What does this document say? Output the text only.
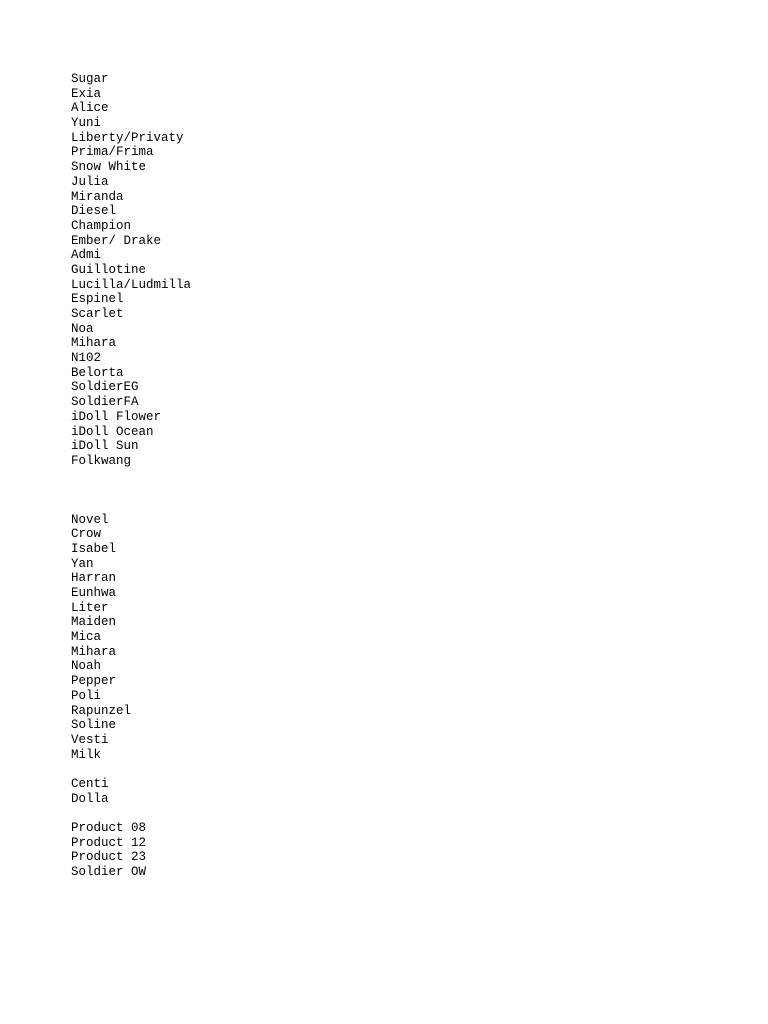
Sugar
Exia
Alice
Yuni
Liberty/Privaty
Prima/Frima
Snow White
Julia
Miranda
Diesel
Champion
Ember/ Drake
Admi
Guillotine
Lucilla/Ludmilla
Espinel
Scarlet
Noa
Mihara
N102
Belorta
SoldierEG
SoldierFA
iDoll Flower
iDoll Ocean
iDoll Sun
Folkwang
Novel
Crow
Isabel
Yan
Harran
Eunhwa
Liter
Maiden
Mica
Mihara
Noah
Pepper
Poli
Rapunzel
Soline
Vesti
Milk
Centi
Dolla
Product 08
Product 12
Product 23
Soldier OW
